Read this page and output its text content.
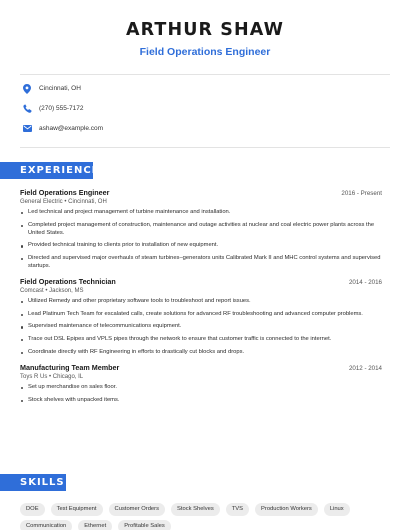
ARTHUR SHAW
Field Operations Engineer
Cincinnati, OH
(270) 555-7172
ashaw@example.com
EXPERIENCE
Field Operations Engineer	2016 - Present
General Electric • Cincinnati, OH
Led technical and project management of turbine maintenance and installation.
Completed project management of construction, maintenance and outage activities at nuclear and coal electric power plants across the United States.
Provided technical training to clients prior to installation of new equipment.
Directed and supervised major overhauls of steam turbines–generators units Calibrated Mark II and MHC control systems and supervised startups.
Field Operations Technician	2014 - 2016
Comcast • Jackson, MS
Utilized Remedy and other proprietary software tools to troubleshoot and report issues.
Lead Platinum Tech Team for escalated calls, create solutions for advanced RF troubleshooting and advanced computer problems.
Supervised maintenance of telecommunications equipment.
Trace out DSL Epipes and VPLS pipes through the network to ensure that customer traffic is connected to the internet.
Coordinate directly with RF Engineering in efforts to drastically cut blocks and drops.
Manufacturing Team Member	2012 - 2014
Toys R Us • Chicago, IL
Set up merchandise on sales floor.
Stock shelves with unpacked items.
SKILLS
DOE	Test Equipment	Customer Orders	Stock Shelves	TVS	Production Workers	Linux
Communication	Ethernet	Profitable Sales
